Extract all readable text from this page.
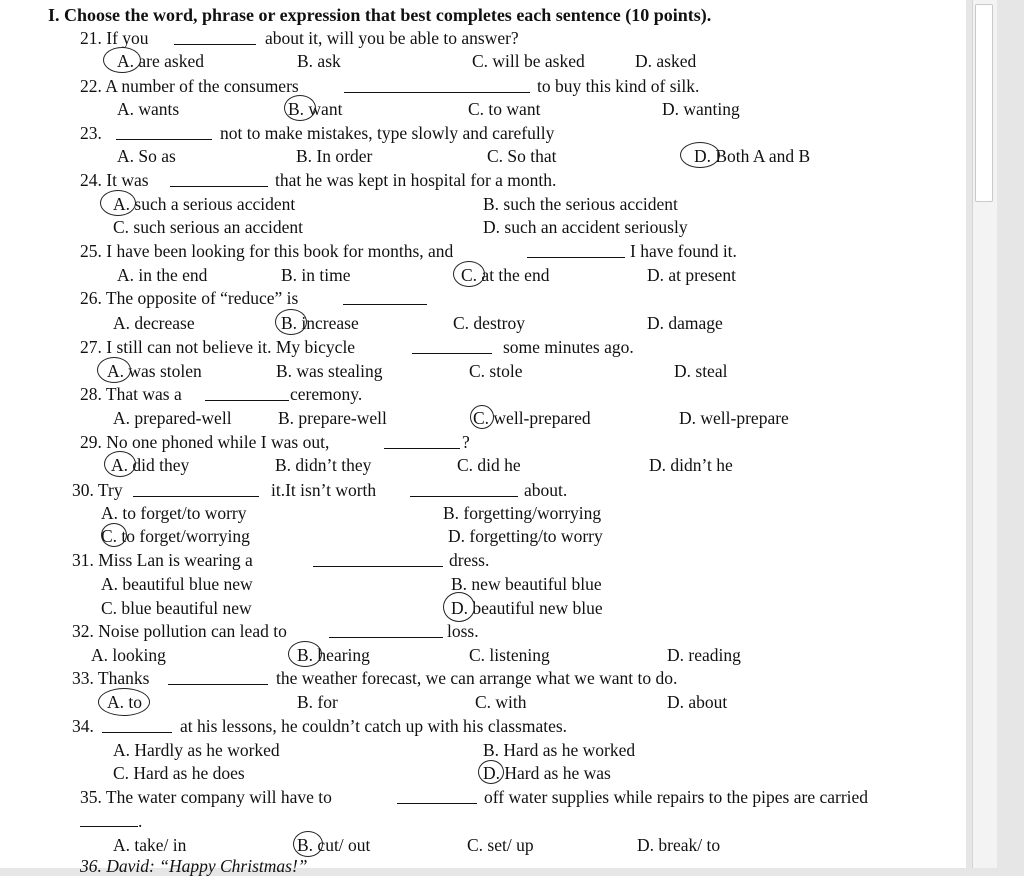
I. Choose the word, phrase or expression that best completes each sentence (10 points).
21. If you	about it, will you be able to answer?
A. are asked	B. ask	C. will be asked	D. asked
22. A number of the consumers	to buy this kind of silk.
A. wants	B. want	C. to want	D. wanting
23.	not to make mistakes, type slowly and carefully
A. So as	B. In order	C. So that	D. Both A and B
24. It was	that he was kept in hospital for a month.
A. such a serious accident	B. such the serious accident
C. such serious an accident	D. such an accident seriously
25. I have been looking for this book for months, and	I have found it.
A. in the end	B. in time	C. at the end	D. at present
26. The opposite of “reduce” is
A. decrease	B. increase	C. destroy	D. damage
27. I still can not believe it. My bicycle	some minutes ago.
A. was stolen	B. was stealing	C. stole	D. steal
28. That was a	ceremony.
A. prepared-well	B. prepare-well	C. well-prepared	D. well-prepare
29. No one phoned while I was out,	?
A. did they	B. didn’t they	C. did he	D. didn’t he
30. Try	it.It isn’t worth	about.
A. to forget/to worry	B. forgetting/worrying
C. to forget/worrying	D. forgetting/to worry
31. Miss Lan is wearing a	dress.
A. beautiful blue new	B. new beautiful blue
C. blue beautiful new	D. beautiful new blue
32. Noise pollution can lead to	loss.
A. looking	B. hearing	C. listening	D. reading
33. Thanks	the weather forecast, we can arrange what we want to do.
A. to	B. for	C. with	D. about
34.	at his lessons, he couldn’t catch up with his classmates.
A. Hardly as he worked	B. Hard as he worked
C. Hard as he does	D. Hard as he was
35. The water company will have to	off water supplies while repairs to the pipes are carried
.
A. take/ in	B. cut/ out	C. set/ up	D. break/ to
36. David: “Happy Christmas!”
